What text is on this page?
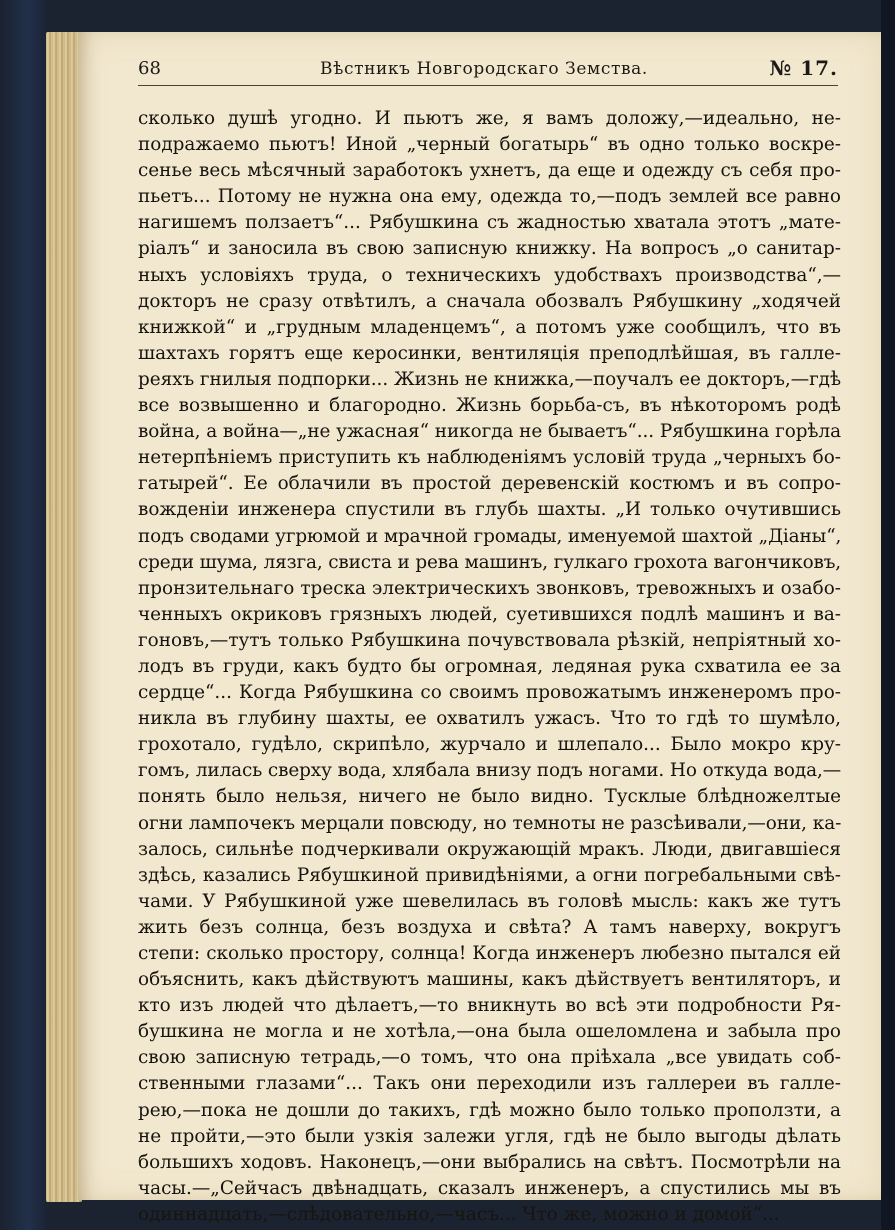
68	Вѣстникъ Новгородскаго Земства.	№ 17.
сколько душѣ угодно. И пьютъ же, я вамъ доложу,—идеально, не-
подражаемо пьютъ! Иной „черный богатырь“ въ одно только воскре-
сенье весь мѣсячный заработокъ ухнетъ, да еще и одежду съ себя про-
пьетъ... Потому не нужна она ему, одежда то,—подъ землей все равно
нагишемъ ползаетъ“... Рябушкина съ жадностью хватала этотъ „мате-
ріалъ“ и заносила въ свою записную книжку. На вопросъ „о санитар-
ныхъ условіяхъ труда, о техническихъ удобствахъ производства“,—
докторъ не сразу отвѣтилъ, а сначала обозвалъ Рябушкину „ходячей
книжкой“ и „грудным младенцемъ“, а потомъ уже сообщилъ, что въ
шахтахъ горятъ еще керосинки, вентиляція преподлѣйшая, въ галле-
реяхъ гнилыя подпорки... Жизнь не книжка,—поучалъ ее докторъ,—гдѣ
все возвышенно и благородно. Жизнь борьба-съ, въ нѣкоторомъ родѣ
война, а война—„не ужасная“ никогда не бываетъ“... Рябушкина горѣла
нетерпѣніемъ приступить къ наблюденіямъ условій труда „черныхъ бо-
гатырей“. Ее облачили въ простой деревенскій костюмъ и въ сопро-
вожденіи инженера спустили въ глубь шахты. „И только очутившись
подъ сводами угрюмой и мрачной громады, именуемой шахтой „Діаны“,
среди шума, лязга, свиста и рева машинъ, гулкаго грохота вагончиковъ,
пронзительнаго треска электрическихъ звонковъ, тревожныхъ и озабо-
ченныхъ окриковъ грязныхъ людей, суетившихся подлѣ машинъ и ва-
гоновъ,—тутъ только Рябушкина почувствовала рѣзкій, непріятный хо-
лодъ въ груди, какъ будто бы огромная, ледяная рука схватила ее за
сердце“... Когда Рябушкина со своимъ провожатымъ инженеромъ про-
никла въ глубину шахты, ее охватилъ ужасъ. Что то гдѣ то шумѣло,
грохотало, гудѣло, скрипѣло, журчало и шлепало... Было мокро кру-
гомъ, лилась сверху вода, хлябала внизу подъ ногами. Но откуда вода,—
понять было нельзя, ничего не было видно. Тусклые блѣдножелтые
огни лампочекъ мерцали повсюду, но темноты не разсѣивали,—они, ка-
залось, сильнѣе подчеркивали окружающій мракъ. Люди, двигавшіеся
здѣсь, казались Рябушкиной привидѣніями, а огни погребальными свѣ-
чами. У Рябушкиной уже шевелилась въ головѣ мысль: какъ же тутъ
жить безъ солнца, безъ воздуха и свѣта? А тамъ наверху, вокругъ
степи: сколько простору, солнца! Когда инженеръ любезно пытался ей
объяснить, какъ дѣйствуютъ машины, какъ дѣйствуетъ вентиляторъ, и
кто изъ людей что дѣлаетъ,—то вникнуть во всѣ эти подробности Ря-
бушкина не могла и не хотѣла,—она была ошеломлена и забыла про
свою записную тетрадь,—о томъ, что она пріѣхала „все увидать соб-
ственными глазами“... Такъ они переходили изъ галлереи въ галле-
рею,—пока не дошли до такихъ, гдѣ можно было только проползти, а
не пройти,—это были узкія залежи угля, гдѣ не было выгоды дѣлать
большихъ ходовъ. Наконецъ,—они выбрались на свѣтъ. Посмотрѣли на
часы.—„Сейчасъ двѣнадцать, сказалъ инженеръ, а спустились мы въ
одиннадцать,—слѣдовательно,—часъ... Что же, можно и домой“...
